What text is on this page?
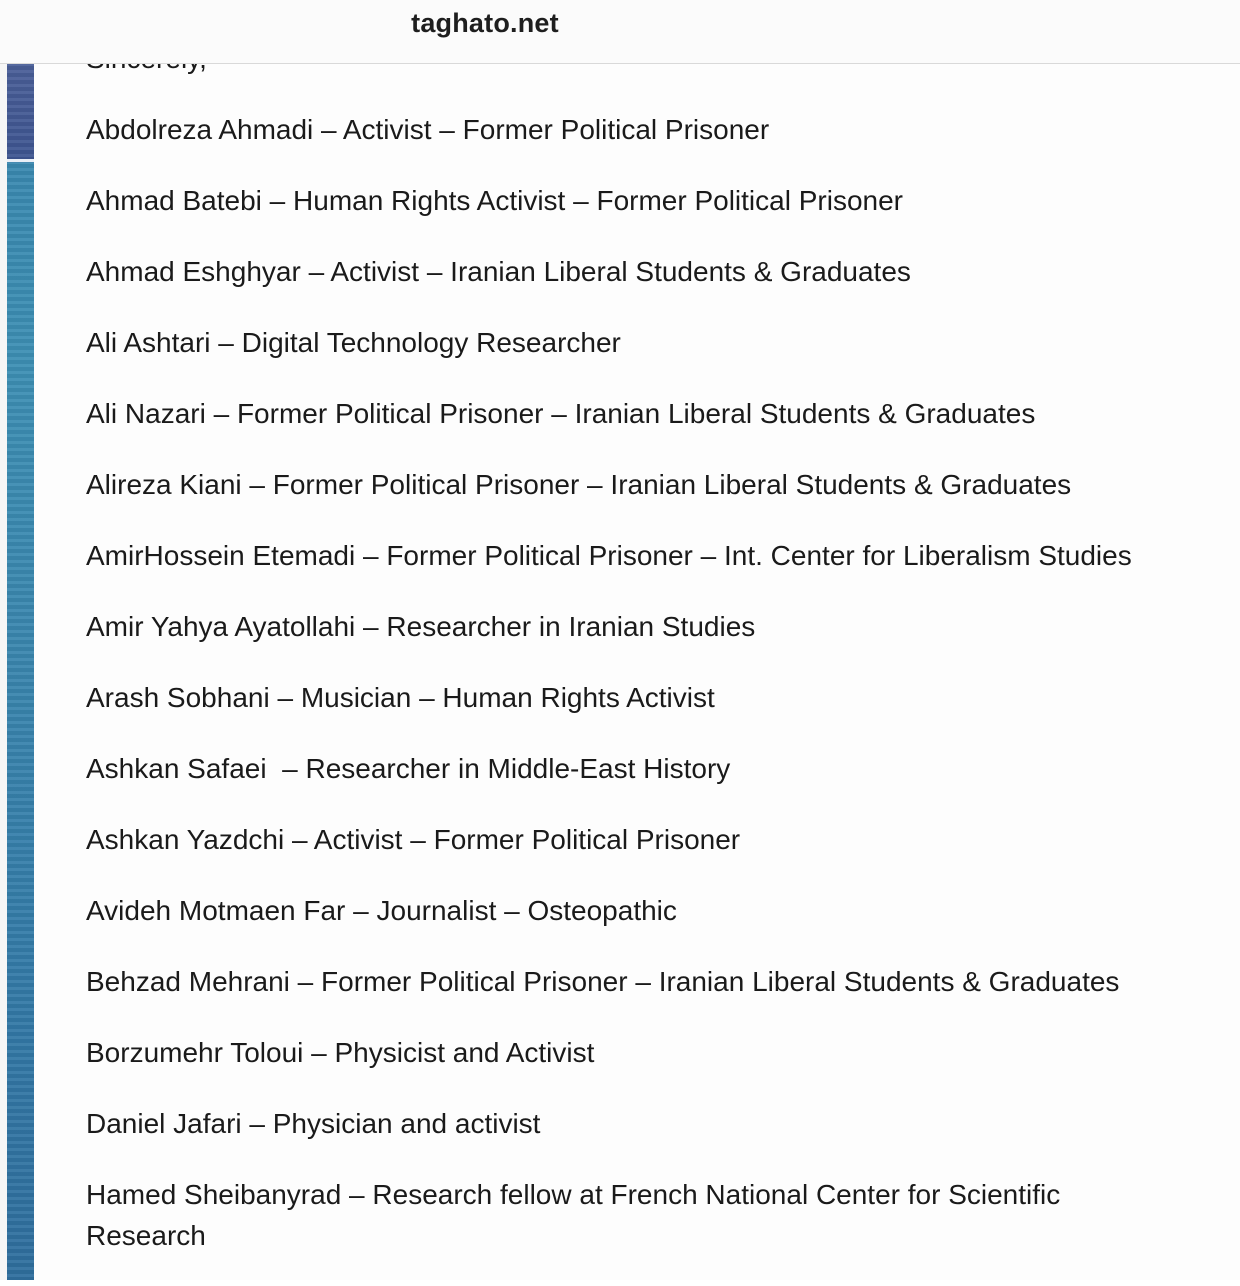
taghato.net
Abdolreza Ahmadi – Activist – Former Political Prisoner
Ahmad Batebi – Human Rights Activist – Former Political Prisoner
Ahmad Eshghyar – Activist – Iranian Liberal Students & Graduates
Ali Ashtari – Digital Technology Researcher
Ali Nazari – Former Political Prisoner – Iranian Liberal Students & Graduates
Alireza Kiani – Former Political Prisoner – Iranian Liberal Students & Graduates
AmirHossein Etemadi – Former Political Prisoner – Int. Center for Liberalism Studies
Amir Yahya Ayatollahi – Researcher in Iranian Studies
Arash Sobhani – Musician – Human Rights Activist
Ashkan Safaei  – Researcher in Middle-East History
Ashkan Yazdchi – Activist – Former Political Prisoner
Avideh Motmaen Far – Journalist – Osteopathic
Behzad Mehrani – Former Political Prisoner – Iranian Liberal Students & Graduates
Borzumehr Toloui – Physicist and Activist
Daniel Jafari – Physician and activist
Hamed Sheibanyrad – Research fellow at French National Center for Scientific Research
